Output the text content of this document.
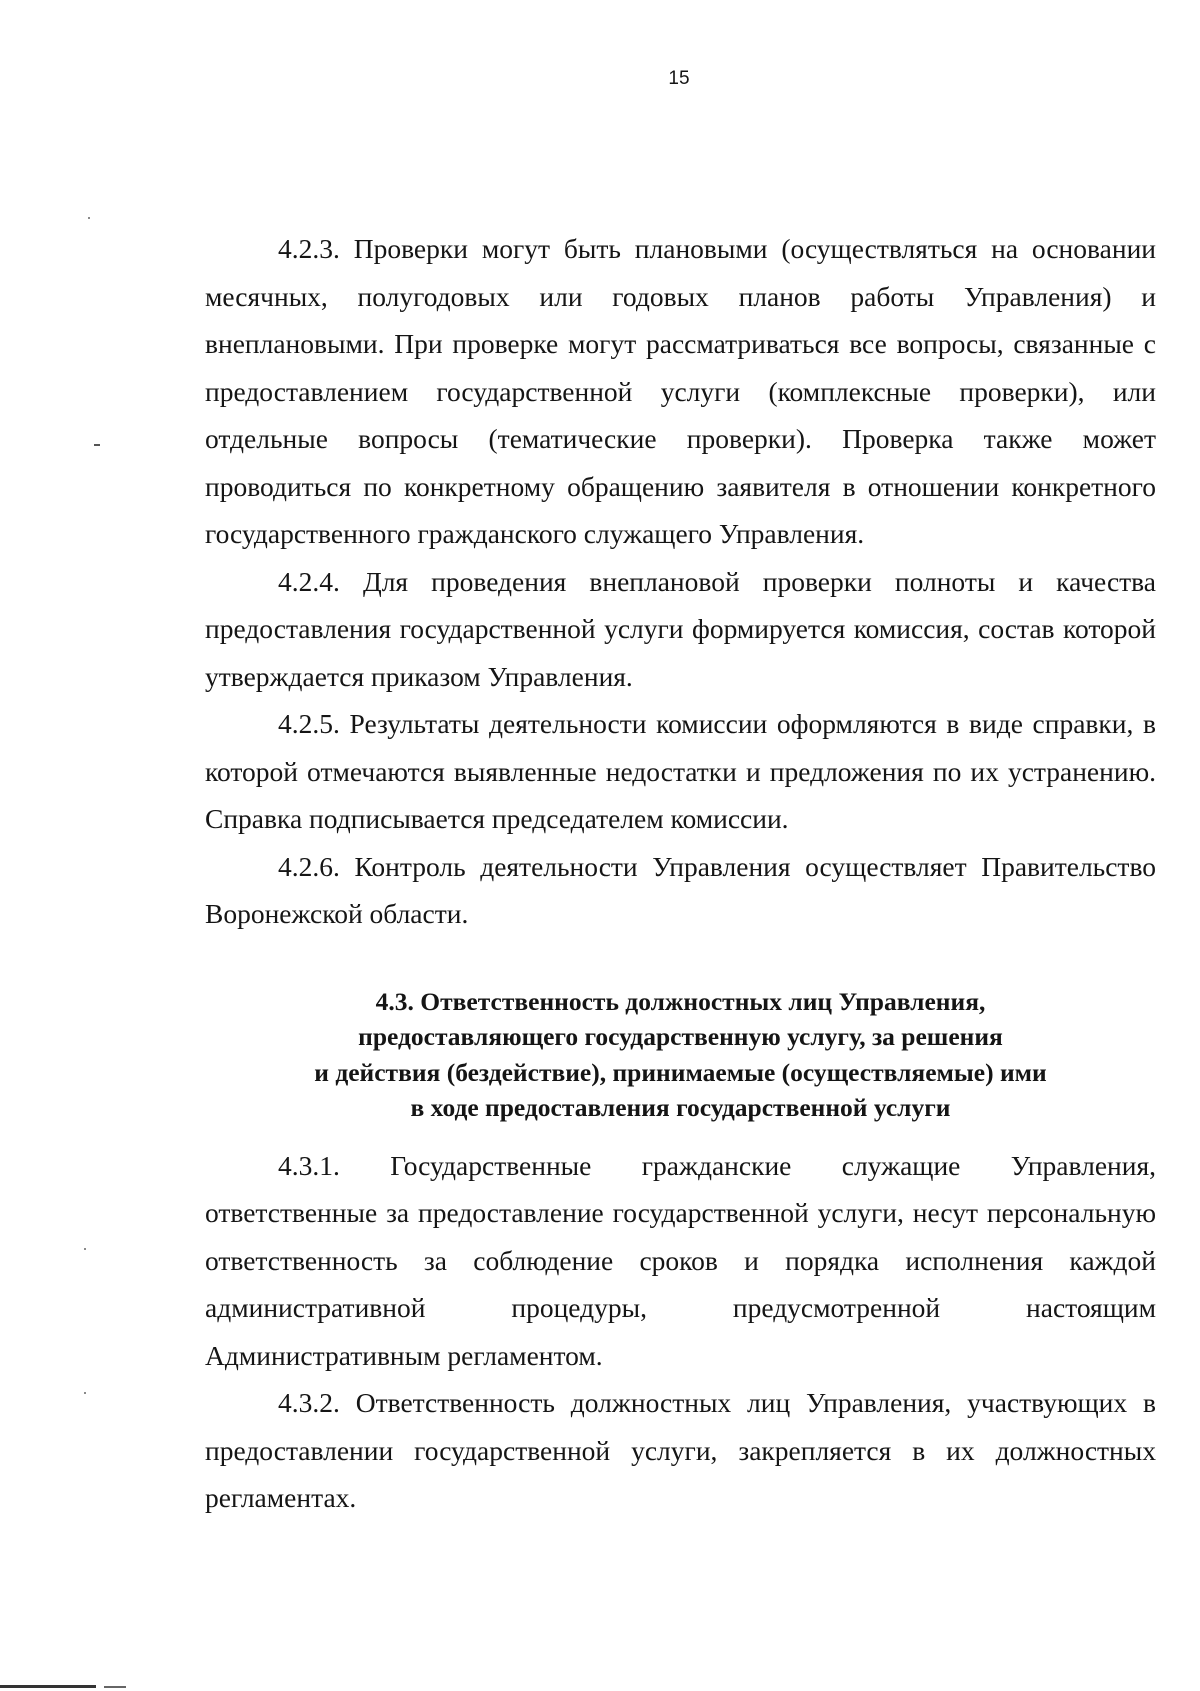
15

4.2.3. Проверки могут быть плановыми (осуществляться на основании месячных, полугодовых или годовых планов работы Управления) и внеплановыми. При проверке могут рассматриваться все вопросы, связанные с предоставлением государственной услуги (комплексные проверки), или отдельные вопросы (тематические проверки). Проверка также может проводиться по конкретному обращению заявителя в отношении конкретного государственного гражданского служащего Управления.

4.2.4. Для проведения внеплановой проверки полноты и качества предоставления государственной услуги формируется комиссия, состав которой утверждается приказом Управления.

4.2.5. Результаты деятельности комиссии оформляются в виде справки, в которой отмечаются выявленные недостатки и предложения по их устранению. Справка подписывается председателем комиссии.

4.2.6. Контроль деятельности Управления осуществляет Правительство Воронежской области.

4.3. Ответственность должностных лиц Управления,
предоставляющего государственную услугу, за решения
и действия (бездействие), принимаемые (осуществляемые) ими
в ходе предоставления государственной услуги

4.3.1. Государственные гражданские служащие Управления, ответственные за предоставление государственной услуги, несут персональную ответственность за соблюдение сроков и порядка исполнения каждой административной процедуры, предусмотренной настоящим Административным регламентом.

4.3.2. Ответственность должностных лиц Управления, участвующих в предоставлении государственной услуги, закрепляется в их должностных регламентах.
